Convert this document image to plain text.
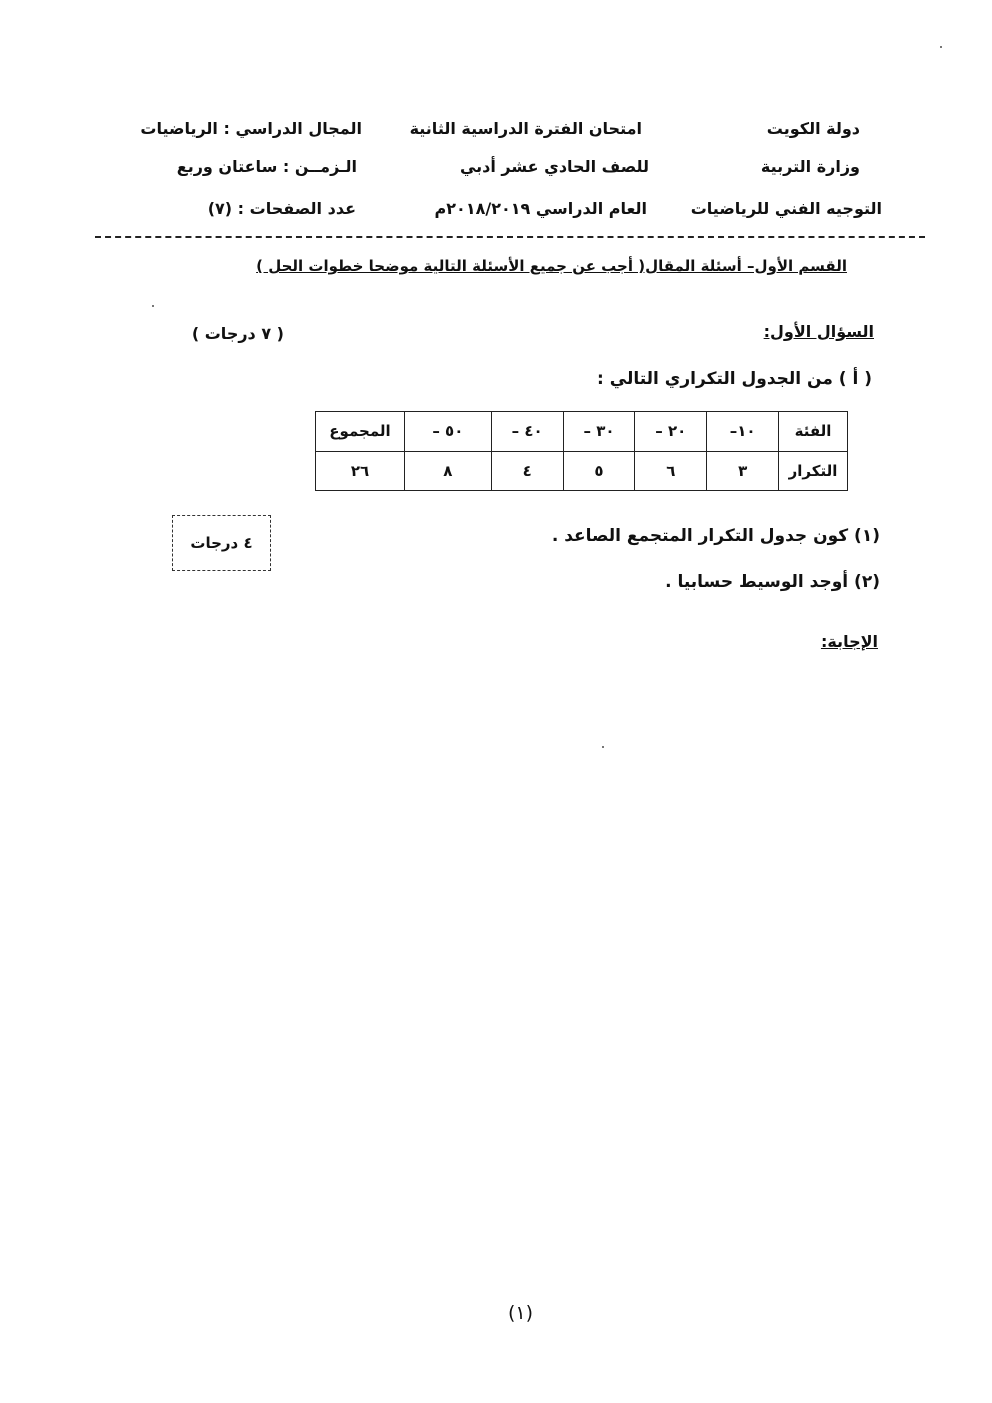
دولة الكويت
وزارة التربية
التوجيه الفني للرياضيات
امتحان الفترة الدراسية الثانية
للصف الحادي عشر أدبي
العام الدراسي ٢٠١٨/٢٠١٩م
المجال الدراسي : الرياضيات
الـزمــن : ساعتان وربع
عدد الصفحات : (٧)
القسم الأول– أسئلة المقال( أجب عن جميع الأسئلة التالية موضحا خطوات الحل )
السؤال الأول:
( ٧ درجات )
( أ ) من الجدول التكراري التالي :
الفئة	١٠–	٢٠ –	٣٠ –	٤٠ –	٥٠ –	المجموع
التكرار	٣	٦	٥	٤	٨	٢٦
(١) كون جدول التكرار المتجمع الصاعد .
(٢) أوجد الوسيط حسابيا .
٤ درجات
الإجابة:
(١)
